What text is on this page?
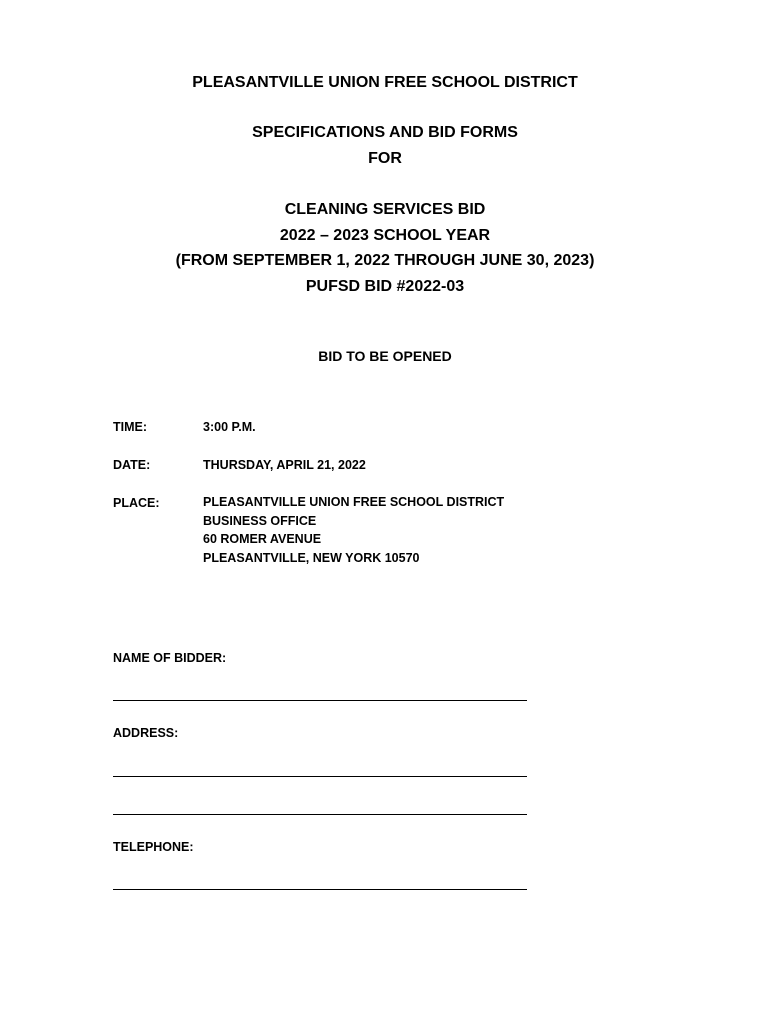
PLEASANTVILLE UNION FREE SCHOOL DISTRICT
SPECIFICATIONS AND BID FORMS
FOR
CLEANING SERVICES BID
2022 – 2023 SCHOOL YEAR
(FROM SEPTEMBER 1, 2022 THROUGH JUNE 30, 2023)
PUFSD BID #2022-03
BID TO BE OPENED
TIME:	3:00 P.M.
DATE:	THURSDAY, APRIL 21, 2022
PLACE:	PLEASANTVILLE UNION FREE SCHOOL DISTRICT
BUSINESS OFFICE
60 ROMER AVENUE
PLEASANTVILLE, NEW YORK 10570
NAME OF BIDDER:
ADDRESS:
TELEPHONE:
